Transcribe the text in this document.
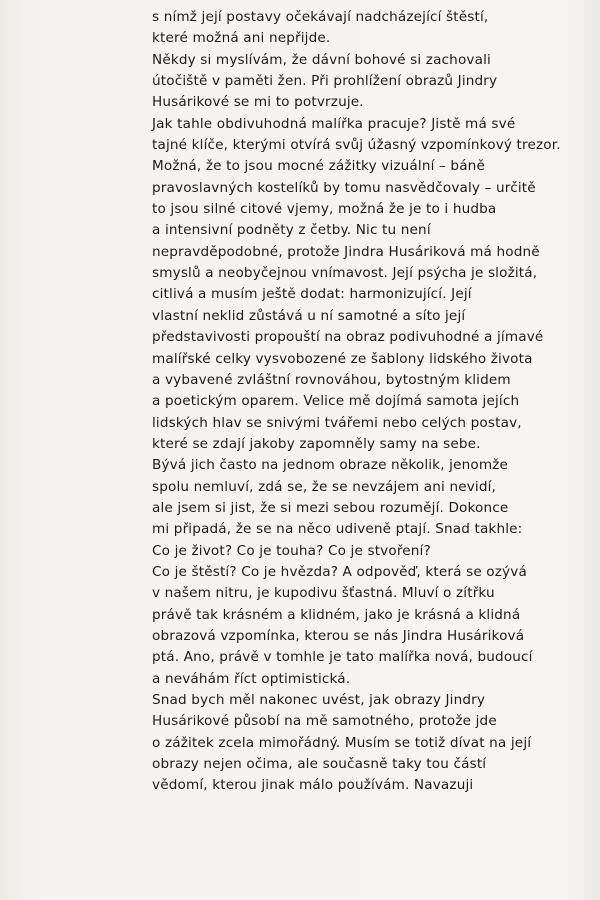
s nímž její postavy očekávají nadcházející štěstí,
které možná ani nepřijde.
Někdy si myslívám, že dávní bohové si zachovali
útočiště v paměti žen. Při prohlížení obrazů Jindry
Husárikové se mi to potvrzuje.
Jak tahle obdivuhodná malířka pracuje? Jistě má své
tajné klíče, kterými otvírá svůj úžasný vzpomínkový trezor.
Možná, že to jsou mocné zážitky vizuální – báně
pravoslavných kostelíků by tomu nasvědčovaly – určitě
to jsou silné citové vjemy, možná že je to i hudba
a intensivní podněty z četby. Nic tu není
nepravděpodobné, protože Jindra Husáriková má hodně
smyslů a neobyčejnou vnímavost. Její psýcha je složitá,
citlivá a musím ještě dodat: harmonizující. Její
vlastní neklid zůstává u ní samotné a síto její
představivosti propouští na obraz podivuhodné a jímavé
malířské celky vysvobozené ze šablony lidského života
a vybavené zvláštní rovnováhou, bytostným klidem
a poetickým oparem. Velice mě dojímá samota jejích
lidských hlav se snivými tvářemi nebo celých postav,
které se zdají jakoby zapomněly samy na sebe.
Bývá jich často na jednom obraze několik, jenomže
spolu nemluví, zdá se, že se nevzájem ani nevidí,
ale jsem si jist, že si mezi sebou rozumějí. Dokonce
mi připadá, že se na něco udiveně ptají. Snad takhle:
Co je život? Co je touha? Co je stvoření?
Co je štěstí? Co je hvězda? A odpověď, která se ozývá
v našem nitru, je kupodivu šťastná. Mluví o zítřku
právě tak krásném a klidném, jako je krásná a klidná
obrazová vzpomínka, kterou se nás Jindra Husáriková
ptá. Ano, právě v tomhle je tato malířka nová, budoucí
a neváhám říct optimistická.
Snad bych měl nakonec uvést, jak obrazy Jindry
Husárikové působí na mě samotného, protože jde
o zážitek zcela mimořádný. Musím se totiž dívat na její
obrazy nejen očima, ale současně taky tou částí
vědomí, kterou jinak málo používám. Navazuji
